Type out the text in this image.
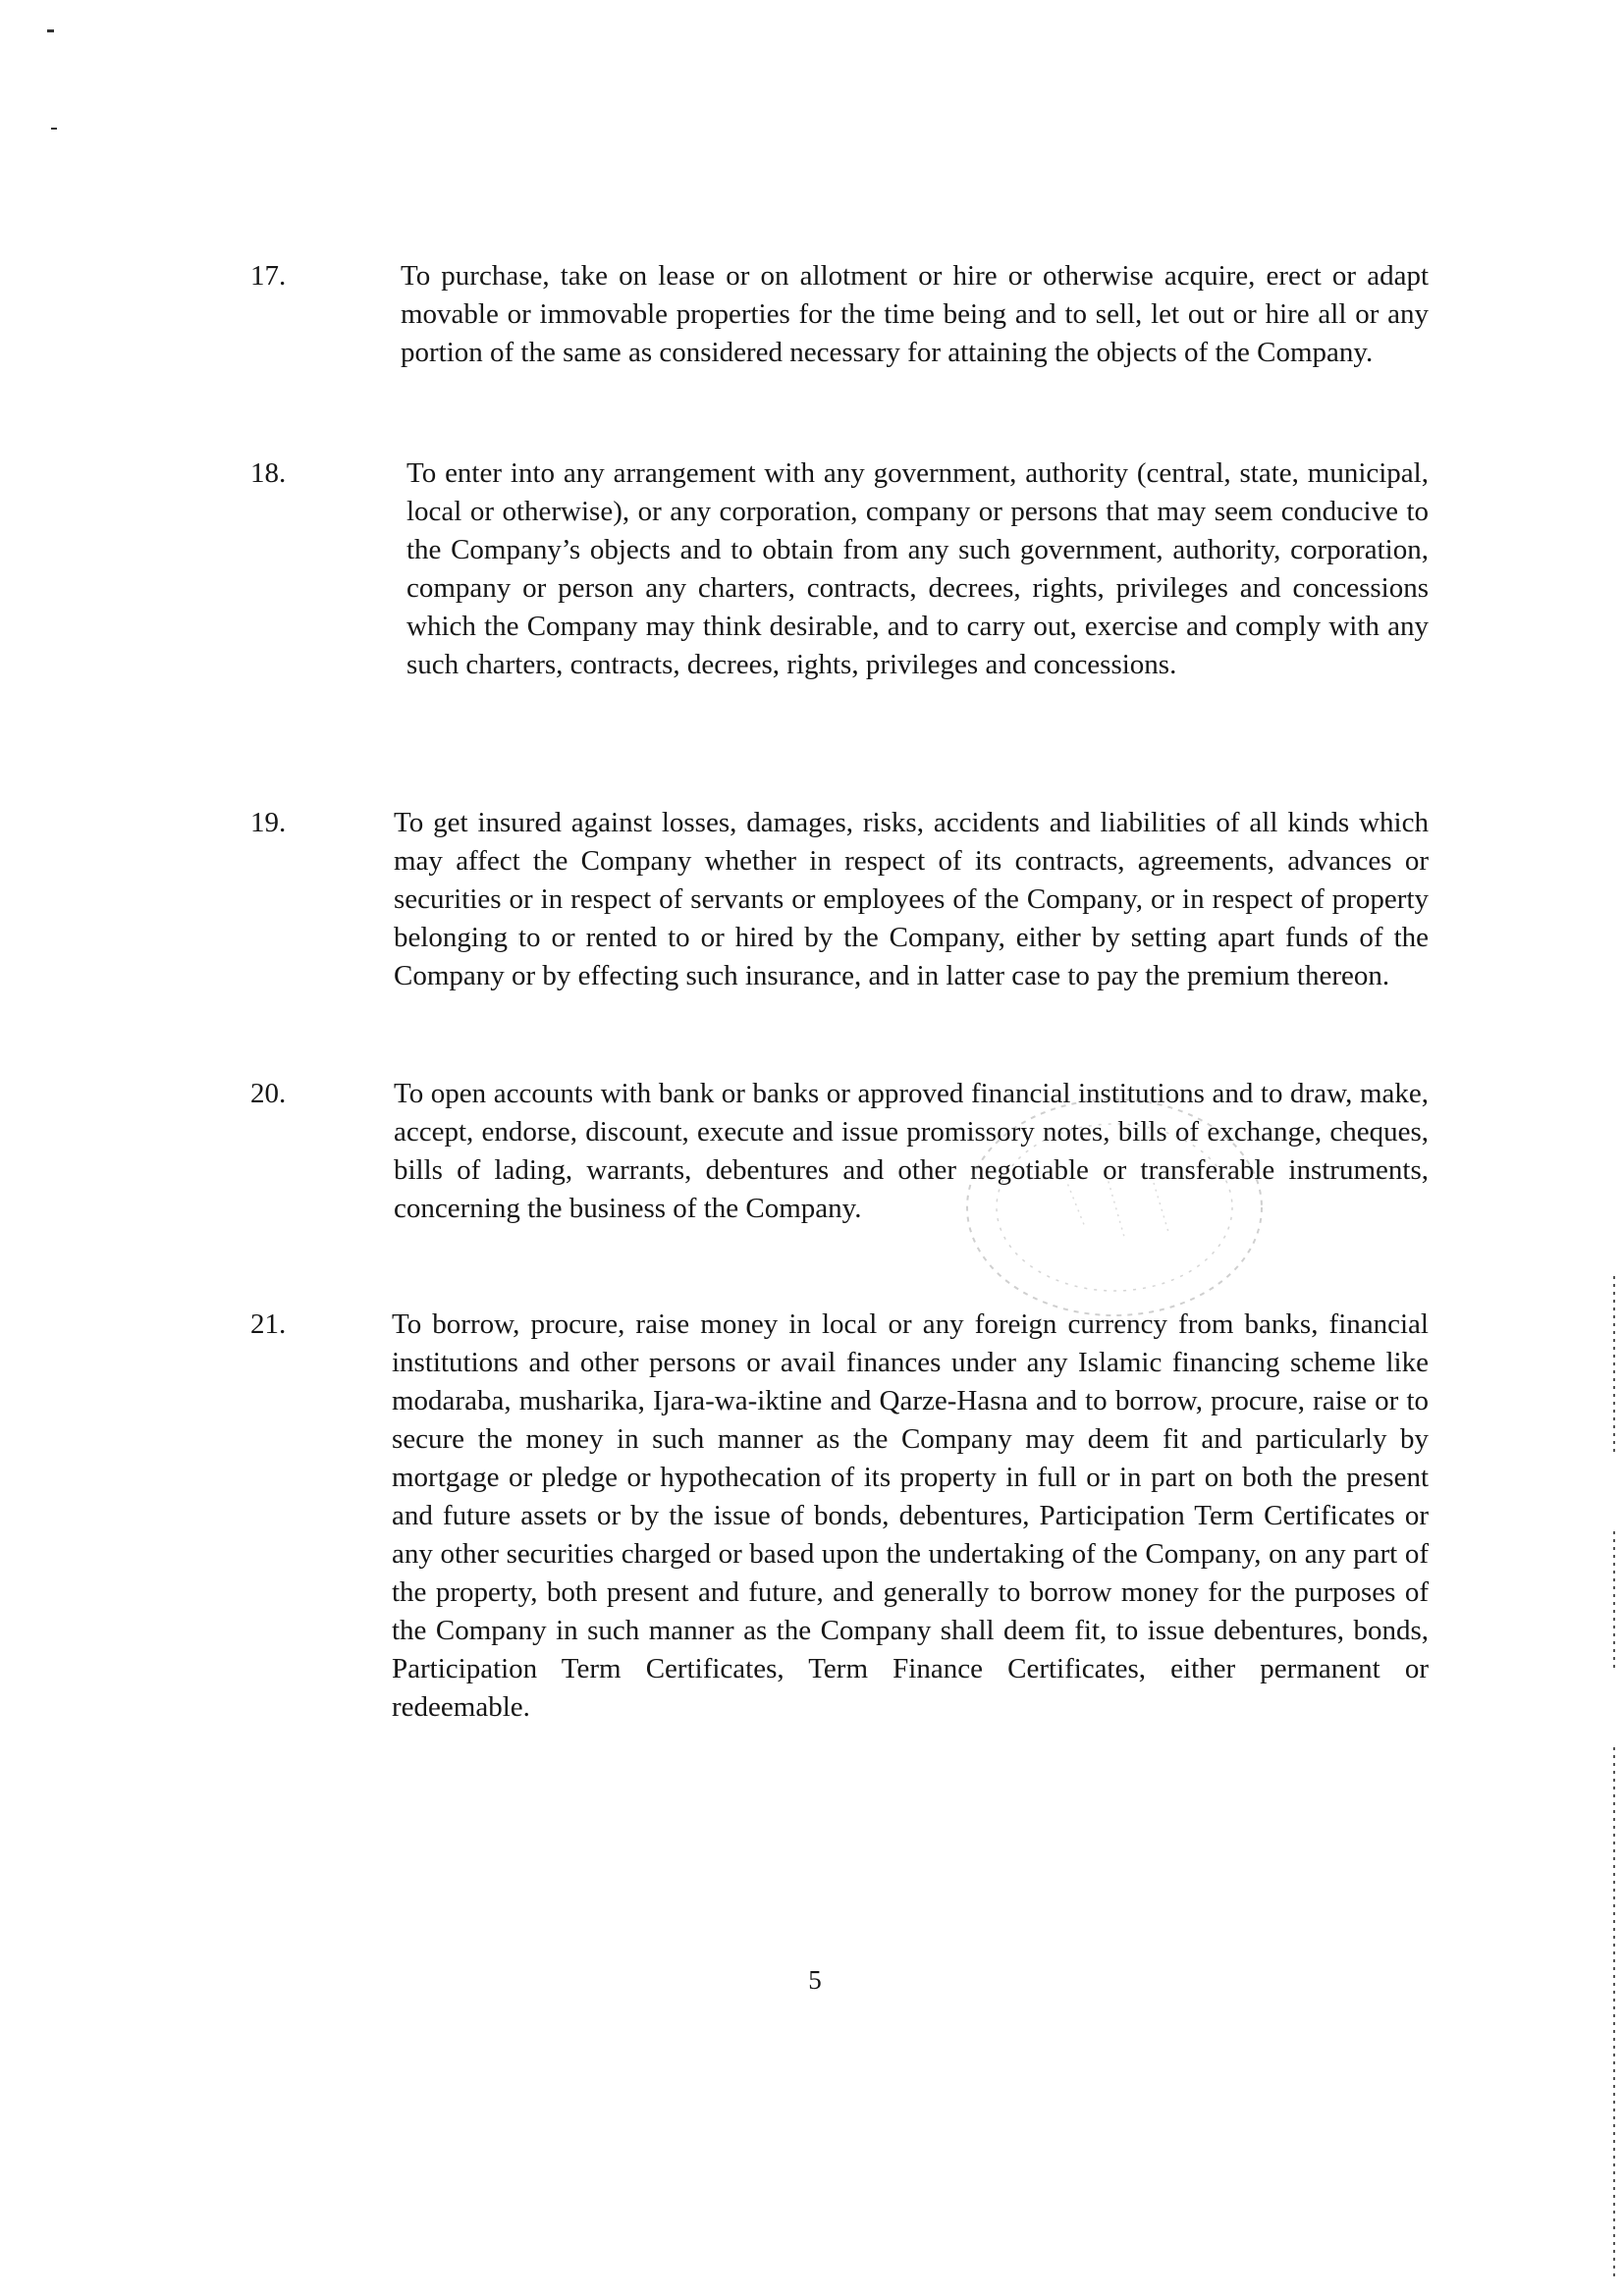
17.	To purchase, take on lease or on allotment or hire or otherwise acquire, erect or adapt movable or immovable properties for the time being and to sell, let out or hire all or any portion of the same as considered necessary for attaining the objects of the Company.
18.	To enter into any arrangement with any government, authority (central, state, municipal, local or otherwise), or any corporation, company or persons that may seem conducive to the Company’s objects and to obtain from any such government, authority, corporation, company or person any charters, contracts, decrees, rights, privileges and concessions which the Company may think desirable, and to carry out, exercise and comply with any such charters, contracts, decrees, rights, privileges and concessions.
19.	To get insured against losses, damages, risks, accidents and liabilities of all kinds which may affect the Company whether in respect of its contracts, agreements, advances or securities or in respect of servants or employees of the Company, or in respect of property belonging to or rented to or hired by the Company, either by setting apart funds of the Company or by effecting such insurance, and in latter case to pay the premium thereon.
20.	To open accounts with bank or banks or approved financial institutions and to draw, make, accept, endorse, discount, execute and issue promissory notes, bills of exchange, cheques, bills of lading, warrants, debentures and other negotiable or transferable instruments, concerning the business of the Company.
21.	To borrow, procure, raise money in local or any foreign currency from banks, financial institutions and other persons or avail finances under any Islamic financing scheme like modaraba, musharika, Ijara-wa-iktine and Qarze-Hasna and to borrow, procure, raise or to secure the money in such manner as the Company may deem fit and particularly by mortgage or pledge or hypothecation of its property in full or in part on both the present and future assets or by the issue of bonds, debentures, Participation Term Certificates or any other securities charged or based upon the undertaking of the Company, on any part of the property, both present and future, and generally to borrow money for the purposes of the Company in such manner as the Company shall deem fit, to issue debentures, bonds, Participation Term Certificates, Term Finance Certificates, either permanent or redeemable.
5
